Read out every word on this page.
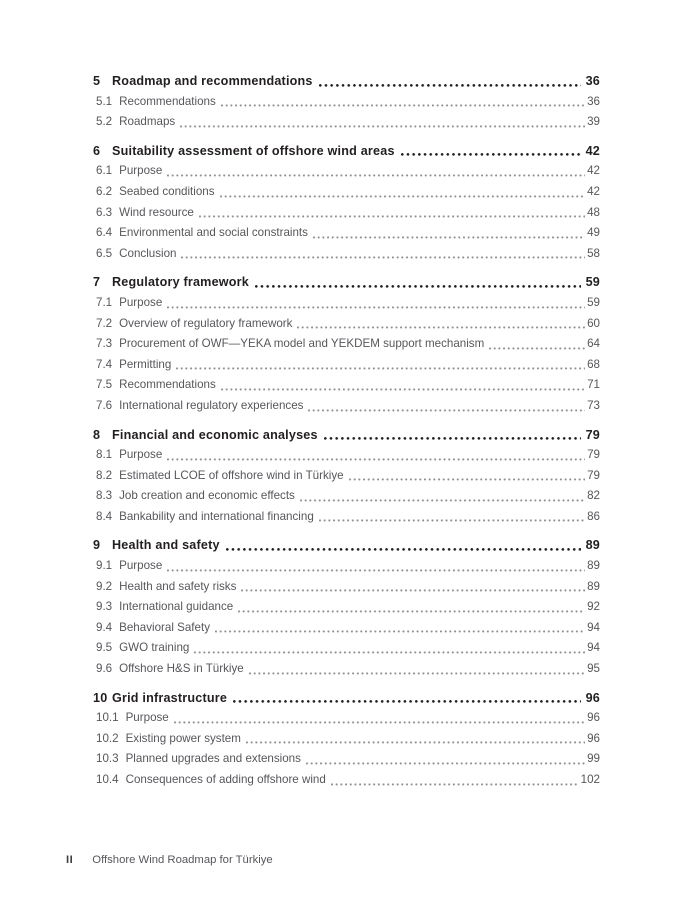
5 Roadmap and recommendations	36
5.1 Recommendations	36
5.2 Roadmaps	39
6 Suitability assessment of offshore wind areas	42
6.1 Purpose	42
6.2 Seabed conditions	42
6.3 Wind resource	48
6.4 Environmental and social constraints	49
6.5 Conclusion	58
7 Regulatory framework	59
7.1 Purpose	59
7.2 Overview of regulatory framework	60
7.3 Procurement of OWF—YEKA model and YEKDEM support mechanism	64
7.4 Permitting	68
7.5 Recommendations	71
7.6 International regulatory experiences	73
8 Financial and economic analyses	79
8.1 Purpose	79
8.2 Estimated LCOE of offshore wind in Türkiye	79
8.3 Job creation and economic effects	82
8.4 Bankability and international financing	86
9 Health and safety	89
9.1 Purpose	89
9.2 Health and safety risks	89
9.3 International guidance	92
9.4 Behavioral Safety	94
9.5 GWO training	94
9.6 Offshore H&S in Türkiye	95
10 Grid infrastructure	96
10.1 Purpose	96
10.2 Existing power system	96
10.3 Planned upgrades and extensions	99
10.4 Consequences of adding offshore wind	102
II Offshore Wind Roadmap for Türkiye
